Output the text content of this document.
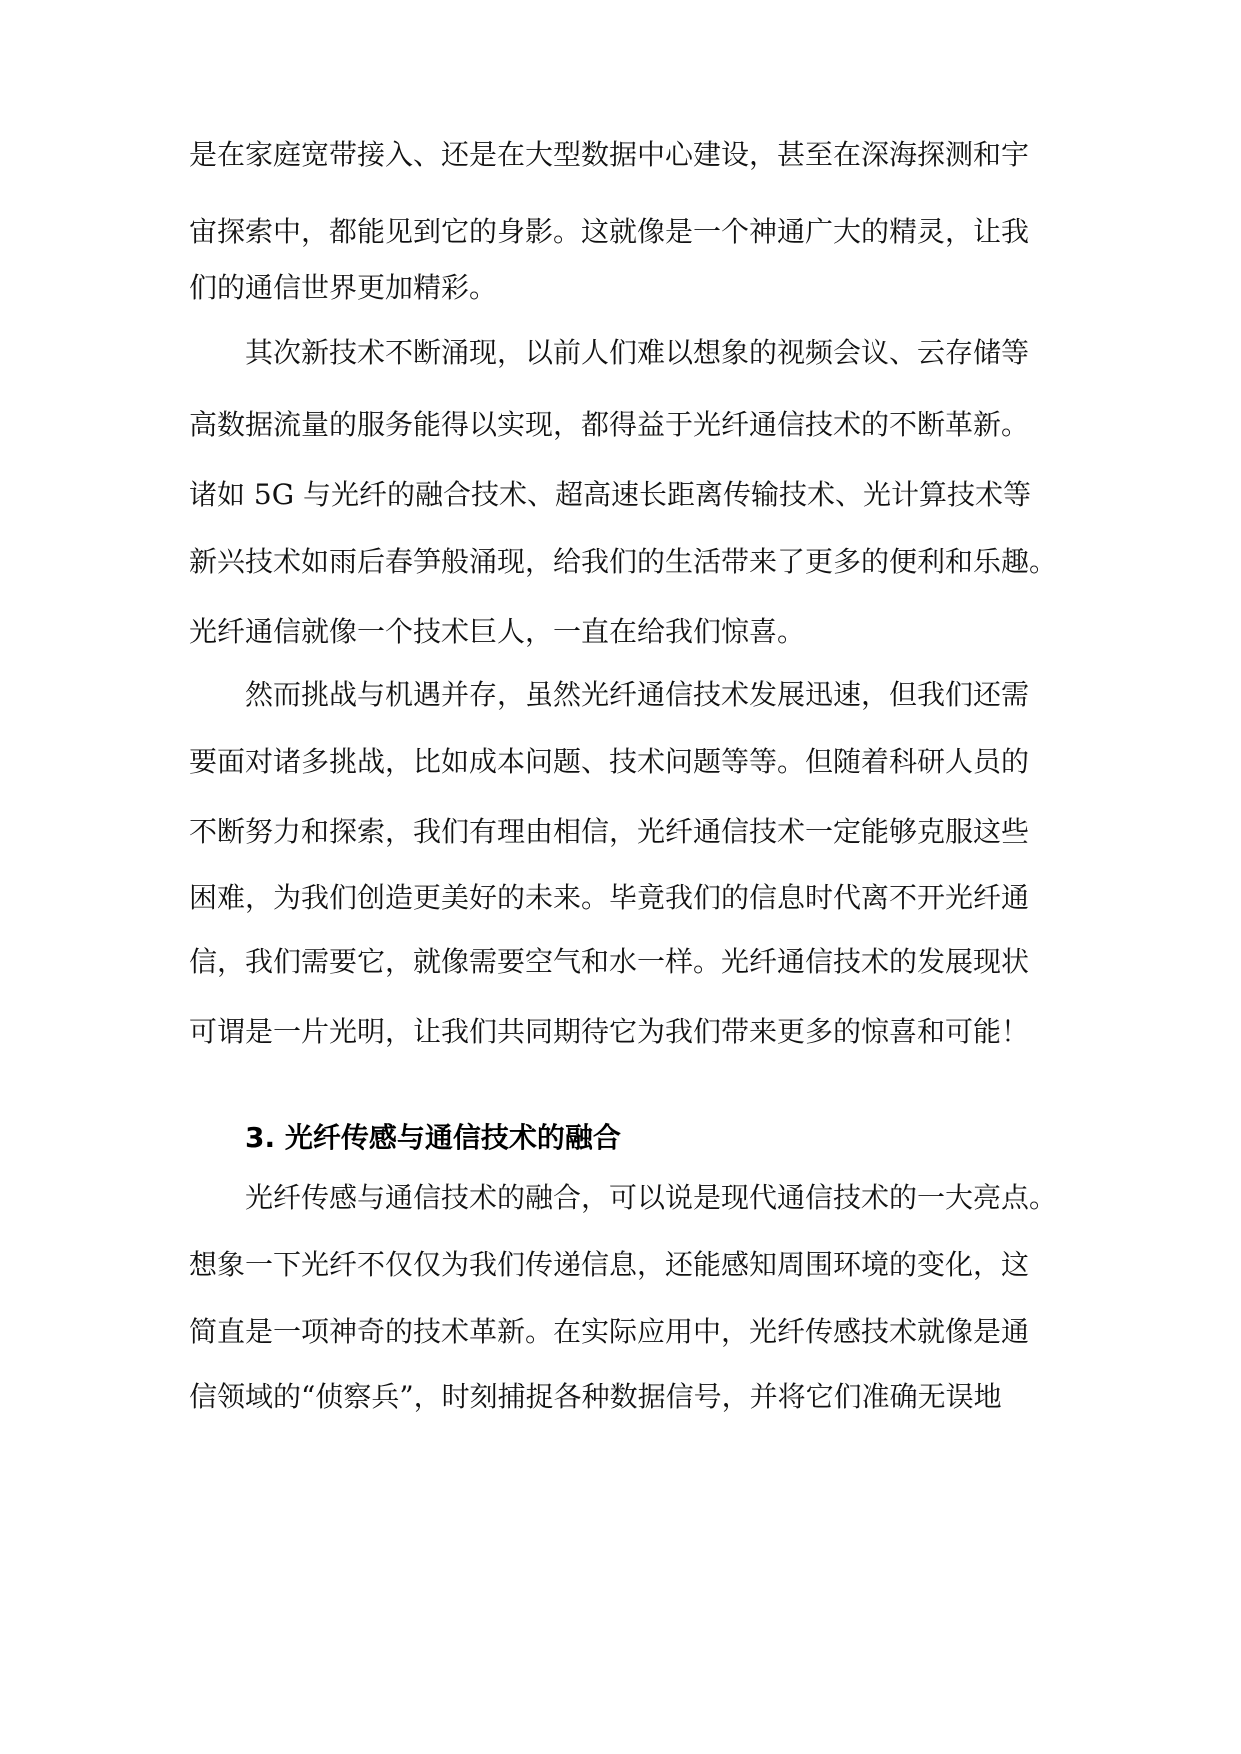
是在家庭宽带接入、还是在大型数据中心建设，甚至在深海探测和宇
宙探索中，都能见到它的身影。这就像是一个神通广大的精灵，让我
们的通信世界更加精彩。
其次新技术不断涌现，以前人们难以想象的视频会议、云存储等
高数据流量的服务能得以实现，都得益于光纤通信技术的不断革新。
诸如 5G 与光纤的融合技术、超高速长距离传输技术、光计算技术等
新兴技术如雨后春笋般涌现，给我们的生活带来了更多的便利和乐趣。
光纤通信就像一个技术巨人，一直在给我们惊喜。
然而挑战与机遇并存，虽然光纤通信技术发展迅速，但我们还需
要面对诸多挑战，比如成本问题、技术问题等等。但随着科研人员的
不断努力和探索，我们有理由相信，光纤通信技术一定能够克服这些
困难，为我们创造更美好的未来。毕竟我们的信息时代离不开光纤通
信，我们需要它，就像需要空气和水一样。光纤通信技术的发展现状
可谓是一片光明，让我们共同期待它为我们带来更多的惊喜和可能！
3. 光纤传感与通信技术的融合
光纤传感与通信技术的融合，可以说是现代通信技术的一大亮点。
想象一下光纤不仅仅为我们传递信息，还能感知周围环境的变化，这
简直是一项神奇的技术革新。在实际应用中，光纤传感技术就像是通
信领域的“侦察兵”，时刻捕捉各种数据信号，并将它们准确无误地
